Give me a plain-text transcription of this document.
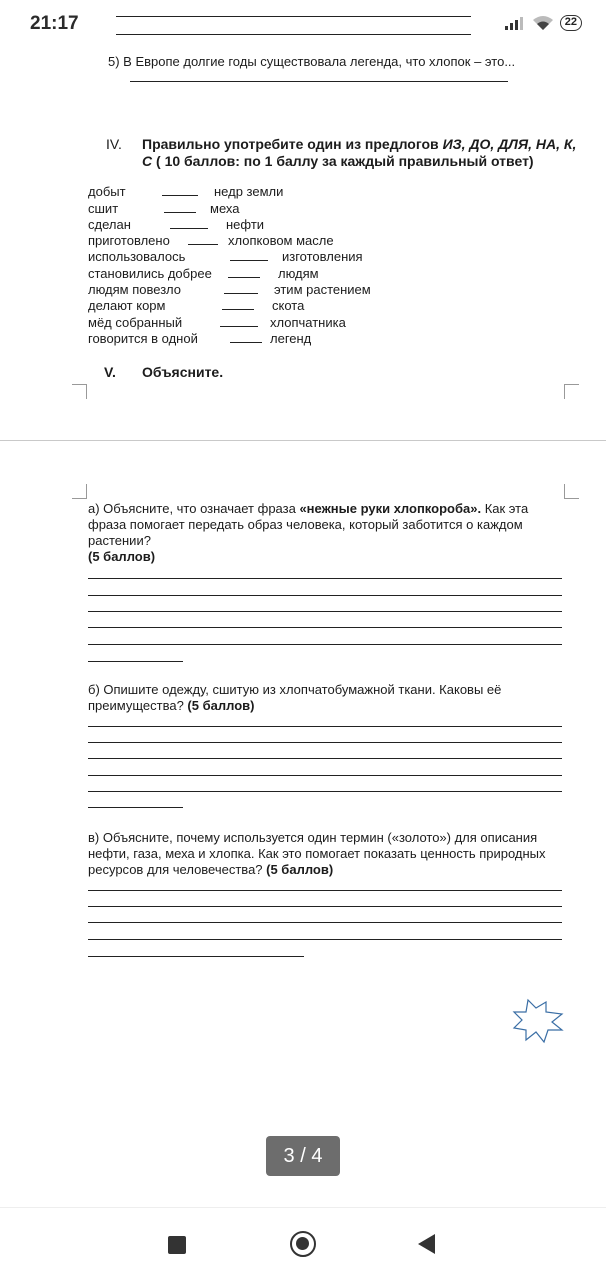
21:17	22
5) В Европе долгие годы существовала легенда, что хлопок – это...
IV. Правильно употребите один из предлогов ИЗ, ДО, ДЛЯ, НА, К,
С ( 10 баллов: по 1 баллу за каждый правильный ответ)
добыт	недр земли
сшит	меха
сделан	нефти
приготовлено	хлопковом масле
использовалось	изготовления
становились добрее	людям
людям повезло	этим растением
делают корм	скота
мёд собранный	хлопчатника
говорится в одной	легенд
V. Объясните.
а) Объясните, что означает фраза «нежные руки хлопкороба». Как эта фраза помогает передать образ человека, который заботится о каждом растении?
(5 баллов)
б) Опишите одежду, сшитую из хлопчатобумажной ткани. Каковы её преимущества? (5 баллов)
в) Объясните, почему используется один термин («золото») для описания нефти, газа, меха и хлопка. Как это помогает показать ценность природных ресурсов для человечества? (5 баллов)
3 / 4
